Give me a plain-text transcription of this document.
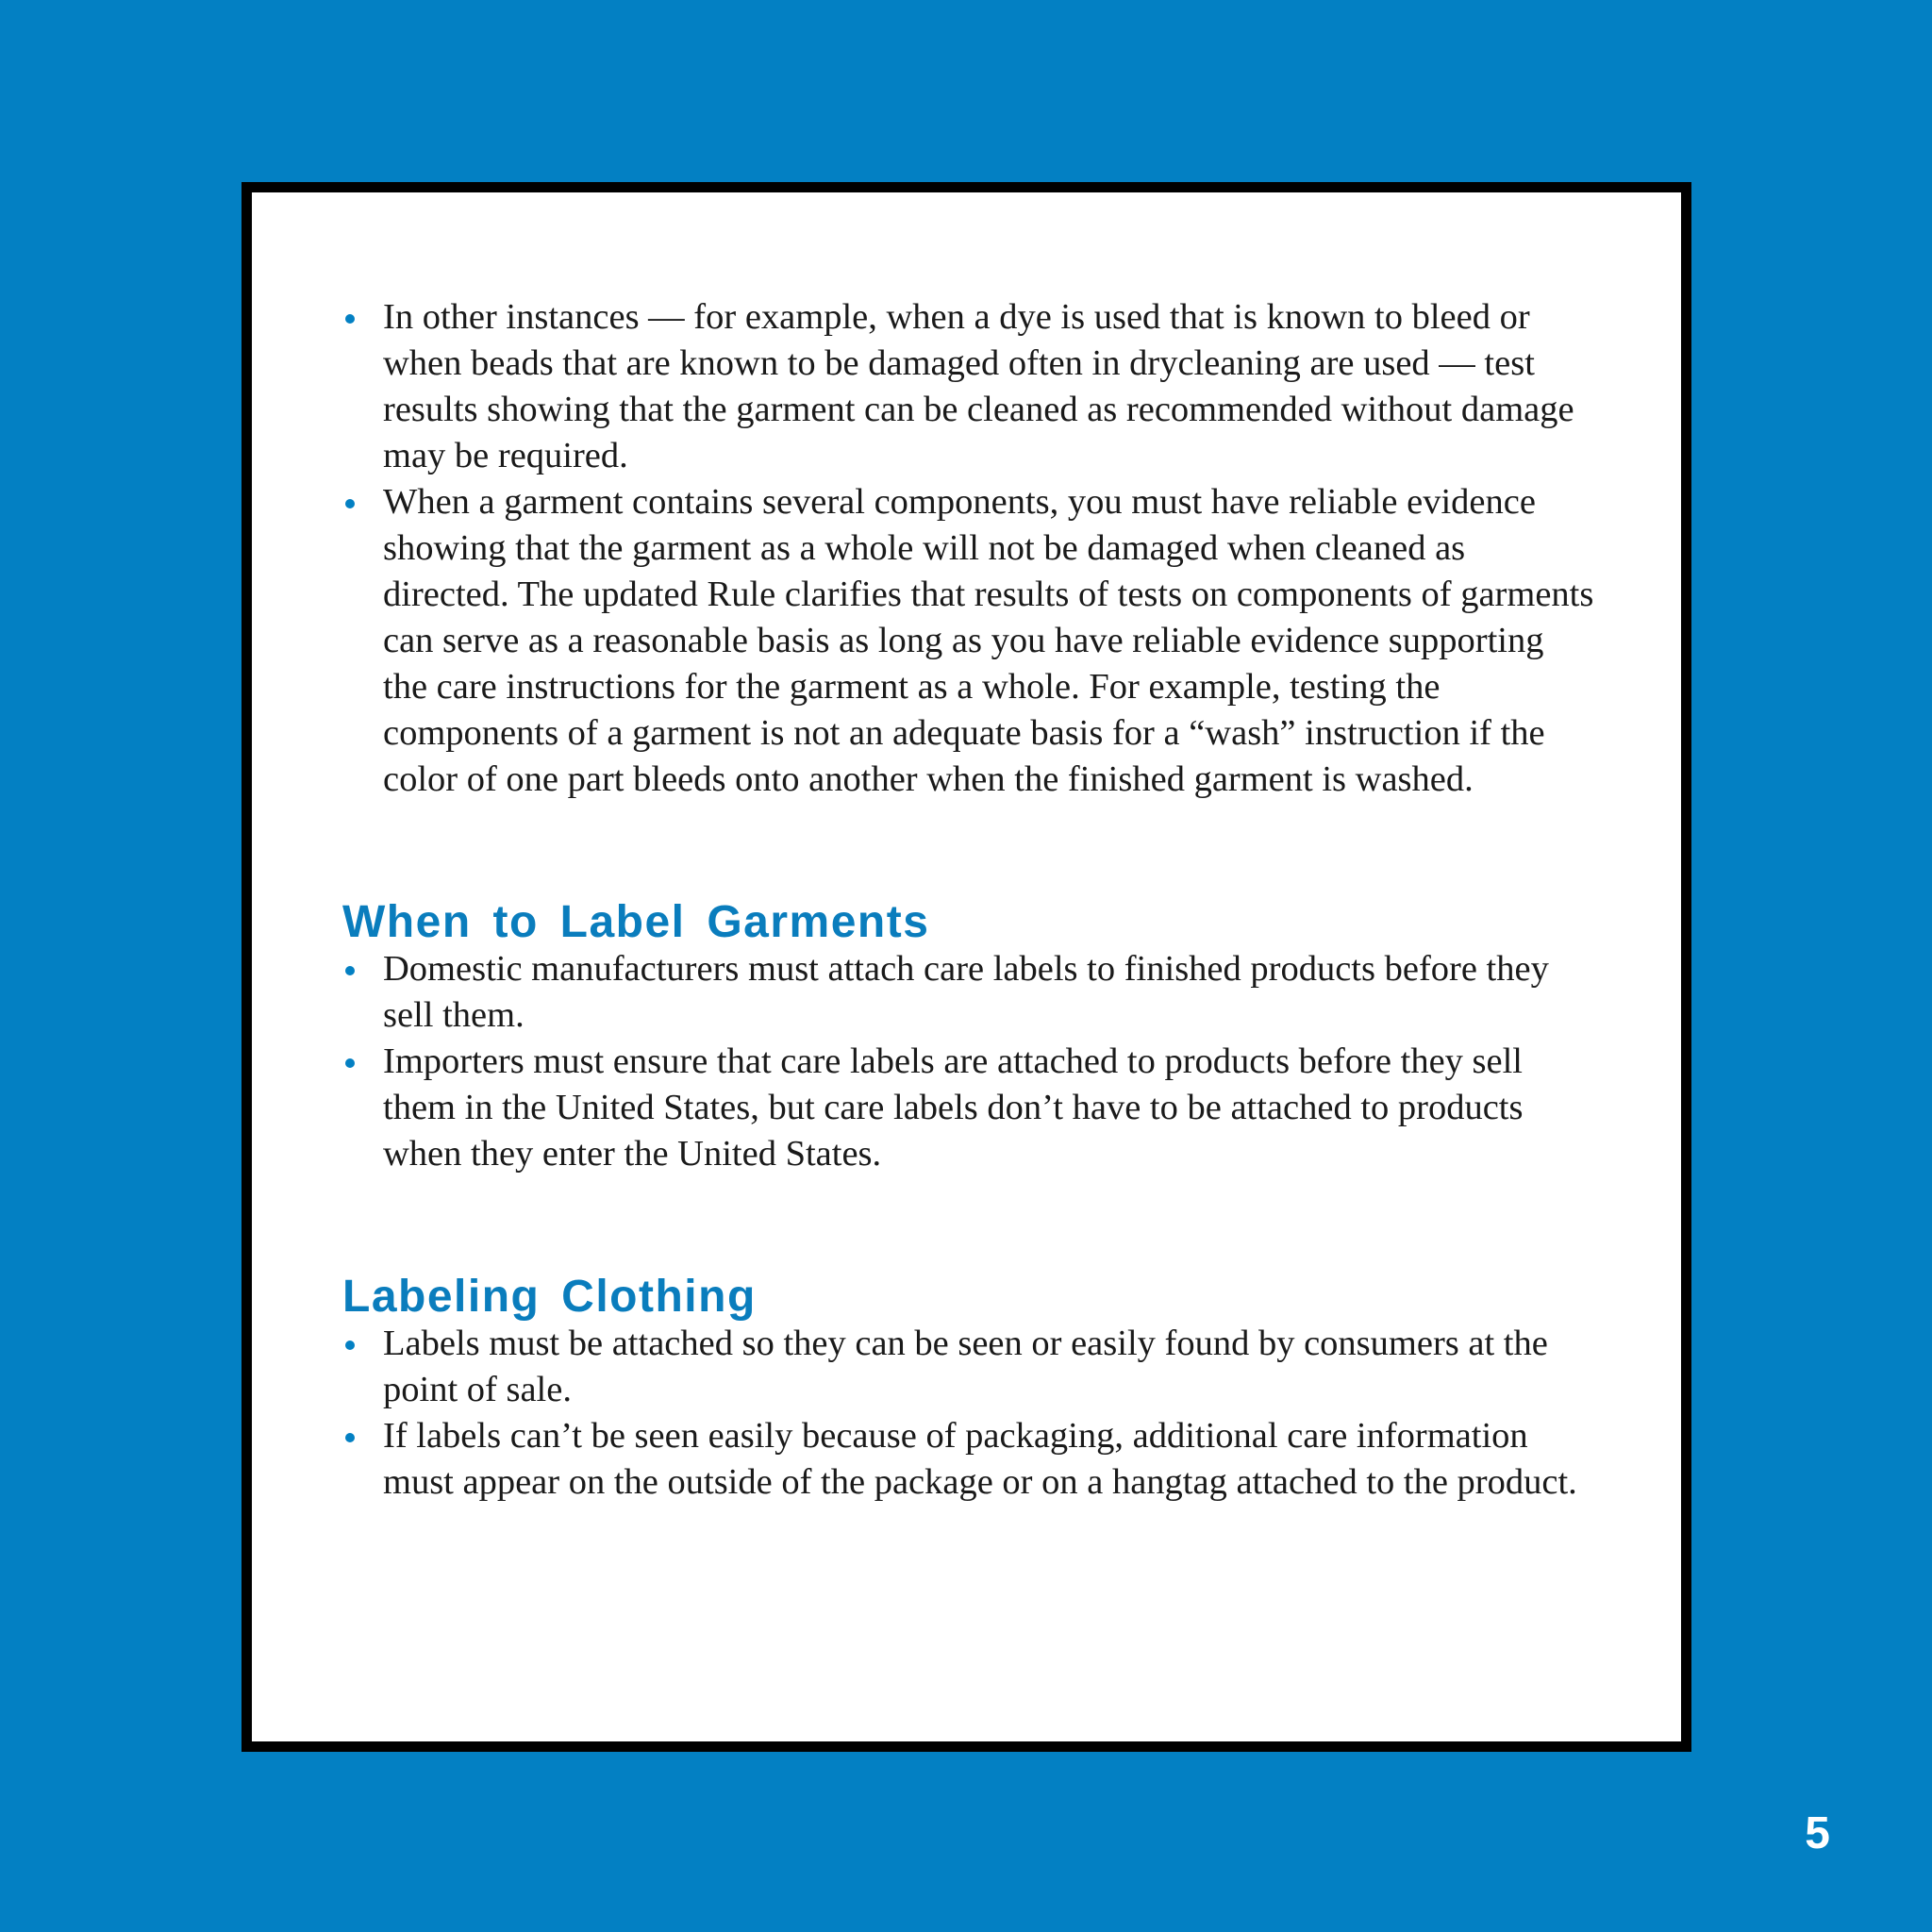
In other instances — for example, when a dye is used that is known to bleed or when beads that are known to be damaged often in drycleaning are used — test results showing that the garment can be cleaned as recommended without damage may be required.
When a garment contains several components, you must have reliable evidence showing that the garment as a whole will not be damaged when cleaned as directed. The updated Rule clarifies that results of tests on components of garments can serve as a reasonable basis as long as you have reliable evidence supporting the care instructions for the garment as a whole. For example, testing the components of a garment is not an adequate basis for a “wash” instruction if the color of one part bleeds onto another when the finished garment is washed.
When to Label Garments
Domestic manufacturers must attach care labels to finished products before they sell them.
Importers must ensure that care labels are attached to products before they sell them in the United States, but care labels don’t have to be attached to products when they enter the United States.
Labeling Clothing
Labels must be attached so they can be seen or easily found by consumers at the point of sale.
If labels can’t be seen easily because of packaging, additional care information must appear on the outside of the package or on a hangtag attached to the product.
5
